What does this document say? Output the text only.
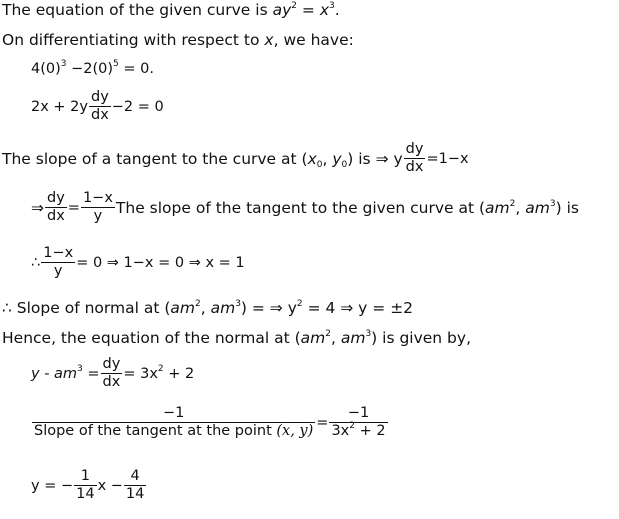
The equation of the given curve is $ay^2 = x^3$.
On differentiating with respect to x, we have:
$4(0)^3 -2(0)^5 = 0$.
$2x + 2y \frac{dy}{dx} -2 = 0$
The slope of a tangent to the curve at ($x_0$, $y_0$) is ⇒ y $\frac{dy}{dx} =1-x$
⇒ $\frac{dy}{dx} = \frac{1-x}{y}$ The slope of the tangent to the given curve at ($am^2$, $am^3$) is
∴ $\frac{1-x}{y} = 0$ ⇒ 1−x = 0 ⇒ x = 1
∴ Slope of normal at ($am^2$, $am^3$) = ⇒ $y^2 = 4$ ⇒ y = ±2
Hence, the equation of the normal at ($am^2$, $am^3$) is given by,
$y - am^3 = \frac{dy}{dx} = 3x^2 + 2$
$\frac{-1}{\text{Slope of the tangent at the point (x, y)}} = \frac{-1}{3x^2 + 2}$
y = − $\frac{1}{14}$ $x - \frac{4}{14}$
